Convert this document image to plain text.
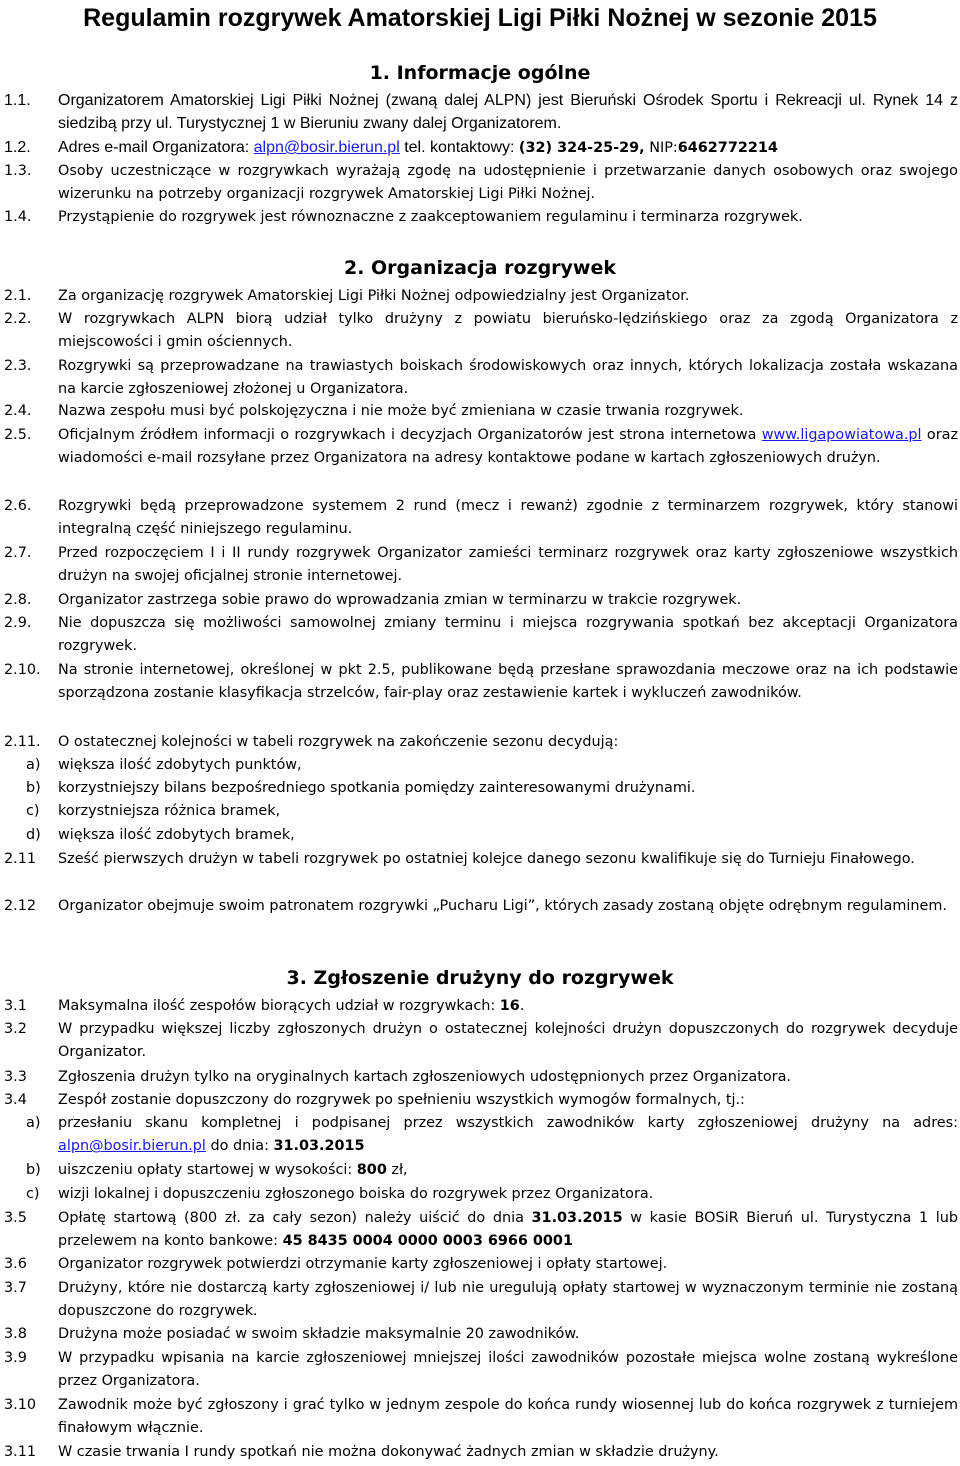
Regulamin rozgrywek Amatorskiej Ligi Piłki Nożnej w sezonie 2015
1. Informacje ogólne
1.1. Organizatorem Amatorskiej Ligi Piłki Nożnej (zwaną dalej ALPN) jest Bieruński Ośrodek Sportu i Rekreacji ul. Rynek 14 z siedzibą przy ul. Turystycznej 1 w Bieruniu zwany dalej Organizatorem.
1.2. Adres e-mail Organizatora: alpn@bosir.bierun.pl tel. kontaktowy: (32) 324-25-29, NIP:6462772214
1.3. Osoby uczestniczące w rozgrywkach wyrażają zgodę na udostępnienie i przetwarzanie danych osobowych oraz swojego wizerunku na potrzeby organizacji rozgrywek Amatorskiej Ligi Piłki Nożnej.
1.4. Przystąpienie do rozgrywek jest równoznaczne z zaakceptowaniem regulaminu i terminarza rozgrywek.
2. Organizacja rozgrywek
2.1. Za organizację rozgrywek Amatorskiej Ligi Piłki Nożnej odpowiedzialny jest Organizator.
2.2. W rozgrywkach ALPN biorą udział tylko drużyny z powiatu bieruńsko-lędzińskiego oraz za zgodą Organizatora z miejscowości i gmin ościennych.
2.3. Rozgrywki są przeprowadzane na trawiastych boiskach środowiskowych oraz innych, których lokalizacja została wskazana na karcie zgłoszeniowej złożonej u Organizatora.
2.4. Nazwa zespołu musi być polskojęzyczna i nie może być zmieniana w czasie trwania rozgrywek.
2.5. Oficjalnym źródłem informacji o rozgrywkach i decyzjach Organizatorów jest strona internetowa www.ligapowiatowa.pl oraz wiadomości e-mail rozsyłane przez Organizatora na adresy kontaktowe podane w kartach zgłoszeniowych drużyn.
2.6. Rozgrywki będą przeprowadzone systemem 2 rund (mecz i rewanż) zgodnie z terminarzem rozgrywek, który stanowi integralną część niniejszego regulaminu.
2.7. Przed rozpoczęciem I i II rundy rozgrywek Organizator zamieści terminarz rozgrywek oraz karty zgłoszeniowe wszystkich drużyn na swojej oficjalnej stronie internetowej.
2.8. Organizator zastrzega sobie prawo do wprowadzania zmian w terminarzu w trakcie rozgrywek.
2.9. Nie dopuszcza się możliwości samowolnej zmiany terminu i miejsca rozgrywania spotkań bez akceptacji Organizatora rozgrywek.
2.10. Na stronie internetowej, określonej w pkt 2.5, publikowane będą przesłane sprawozdania meczowe oraz na ich podstawie sporządzona zostanie klasyfikacja strzelców, fair-play oraz zestawienie kartek i wykluczeń zawodników.
2.11. O ostatecznej kolejności w tabeli rozgrywek na zakończenie sezonu decydują:
a) większa ilość zdobytych punktów,
b) korzystniejszy bilans bezpośredniego spotkania pomiędzy zainteresowanymi drużynami.
c) korzystniejsza różnica bramek,
d) większa ilość zdobytych bramek,
2.11 Sześć pierwszych drużyn w tabeli rozgrywek po ostatniej kolejce danego sezonu kwalifikuje się do Turnieju Finałowego.
2.12 Organizator obejmuje swoim patronatem rozgrywki „Pucharu Ligi”, których zasady zostaną objęte odrębnym regulaminem.
3. Zgłoszenie drużyny do rozgrywek
3.1 Maksymalna ilość zespołów biorących udział w rozgrywkach: 16.
3.2 W przypadku większej liczby zgłoszonych drużyn o ostatecznej kolejności drużyn dopuszczonych do rozgrywek decyduje Organizator.
3.3 Zgłoszenia drużyn tylko na oryginalnych kartach zgłoszeniowych udostępnionych przez Organizatora.
3.4 Zespół zostanie dopuszczony do rozgrywek po spełnieniu wszystkich wymogów formalnych, tj.:
a) przesłaniu skanu kompletnej i podpisanej przez wszystkich zawodników karty zgłoszeniowej drużyny na adres: alpn@bosir.bierun.pl do dnia: 31.03.2015
b) uiszczeniu opłaty startowej w wysokości: 800 zł,
c) wizji lokalnej i dopuszczeniu zgłoszonego boiska do rozgrywek przez Organizatora.
3.5 Opłatę startową (800 zł. za cały sezon) należy uiścić do dnia 31.03.2015 w kasie BOSiR Bieruń ul. Turystyczna 1 lub przelewem na konto bankowe: 45 8435 0004 0000 0003 6966 0001
3.6 Organizator rozgrywek potwierdzi otrzymanie karty zgłoszeniowej i opłaty startowej.
3.7 Drużyny, które nie dostarczą karty zgłoszeniowej i/ lub nie uregulują opłaty startowej w wyznaczonym terminie nie zostaną dopuszczone do rozgrywek.
3.8 Drużyna może posiadać w swoim składzie maksymalnie 20 zawodników.
3.9 W przypadku wpisania na karcie zgłoszeniowej mniejszej ilości zawodników pozostałe miejsca wolne zostaną wykreślone przez Organizatora.
3.10 Zawodnik może być zgłoszony i grać tylko w jednym zespole do końca rundy wiosennej lub do końca rozgrywek z turniejem finałowym włącznie.
3.11 W czasie trwania I rundy spotkań nie można dokonywać żadnych zmian w składzie drużyny.
